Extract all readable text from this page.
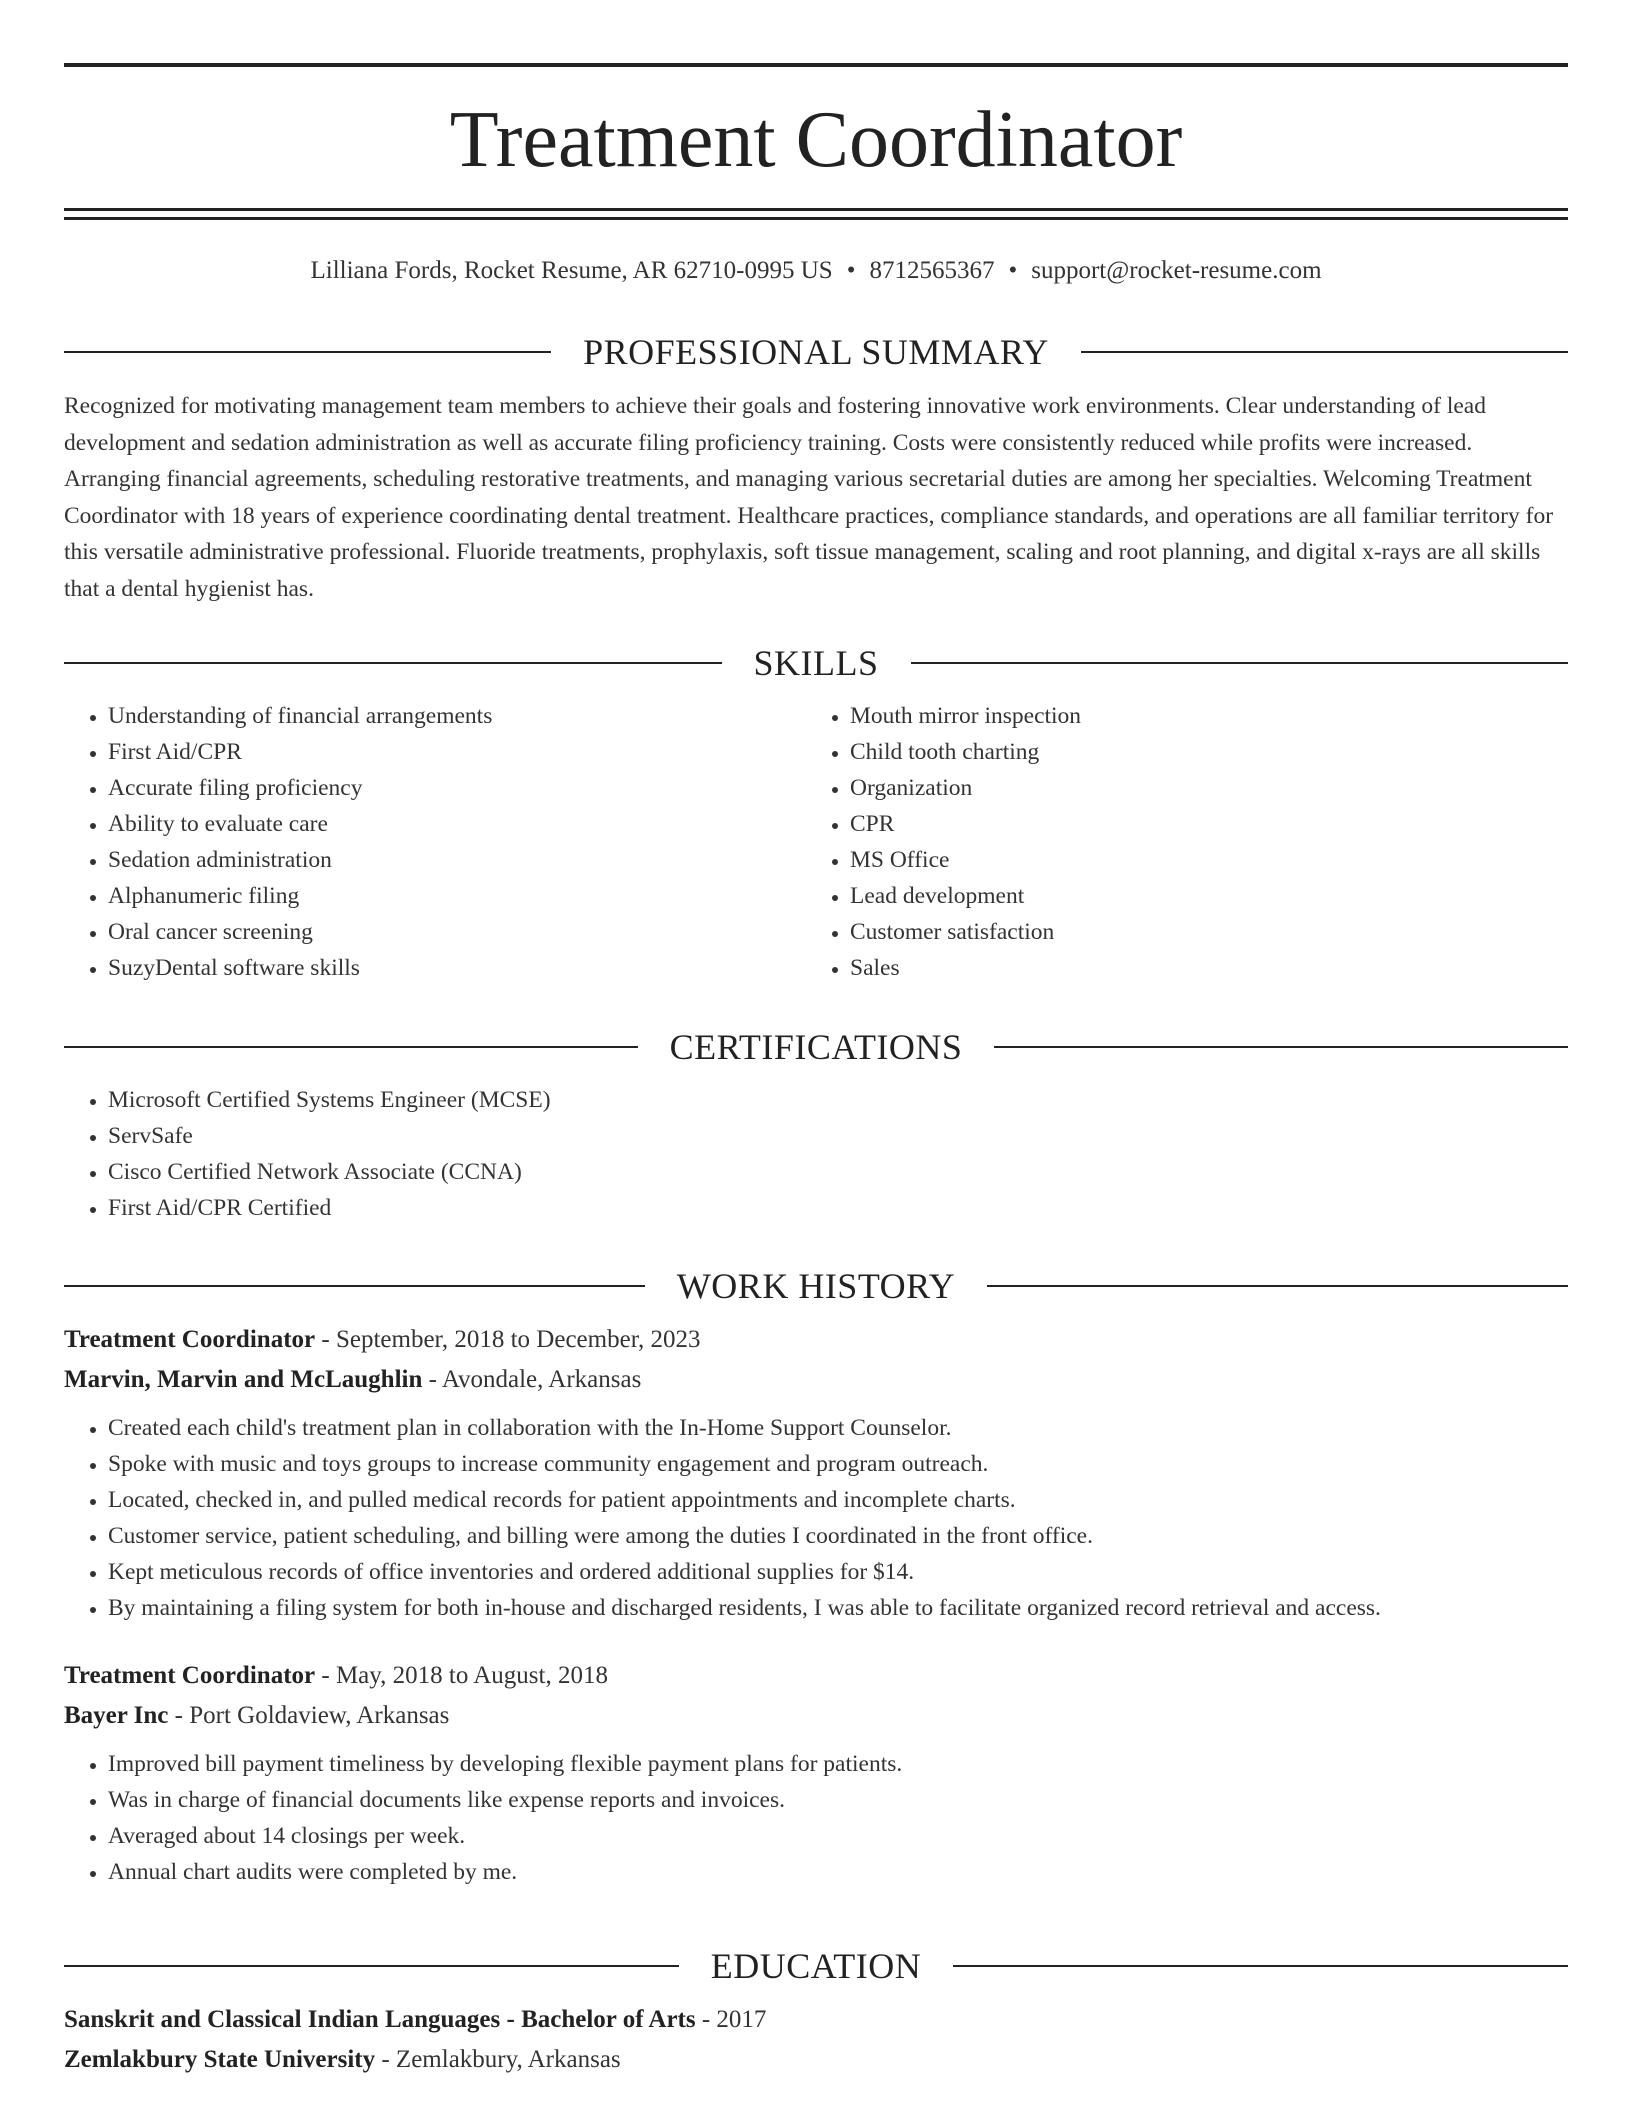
Treatment Coordinator
Lilliana Fords, Rocket Resume, AR 62710-0995 US • 8712565367 • support@rocket-resume.com
PROFESSIONAL SUMMARY

Recognized for motivating management team members to achieve their goals and fostering innovative work environments. Clear understanding of lead development and sedation administration as well as accurate filing proficiency training. Costs were consistently reduced while profits were increased. Arranging financial agreements, scheduling restorative treatments, and managing various secretarial duties are among her specialties. Welcoming Treatment Coordinator with 18 years of experience coordinating dental treatment. Healthcare practices, compliance standards, and operations are all familiar territory for this versatile administrative professional. Fluoride treatments, prophylaxis, soft tissue management, scaling and root planning, and digital x-rays are all skills that a dental hygienist has.

SKILLS
• Understanding of financial arrangements
• First Aid/CPR
• Accurate filing proficiency
• Ability to evaluate care
• Sedation administration
• Alphanumeric filing
• Oral cancer screening
• SuzyDental software skills
• Mouth mirror inspection
• Child tooth charting
• Organization
• CPR
• MS Office
• Lead development
• Customer satisfaction
• Sales
CERTIFICATIONS
• Microsoft Certified Systems Engineer (MCSE)
• ServSafe
• Cisco Certified Network Associate (CCNA)
• First Aid/CPR Certified
WORK HISTORY
Treatment Coordinator - September, 2018 to December, 2023
Marvin, Marvin and McLaughlin - Avondale, Arkansas
• Created each child's treatment plan in collaboration with the In-Home Support Counselor.
• Spoke with music and toys groups to increase community engagement and program outreach.
• Located, checked in, and pulled medical records for patient appointments and incomplete charts.
• Customer service, patient scheduling, and billing were among the duties I coordinated in the front office.
• Kept meticulous records of office inventories and ordered additional supplies for $14.
• By maintaining a filing system for both in-house and discharged residents, I was able to facilitate organized record retrieval and access.
Treatment Coordinator - May, 2018 to August, 2018
Bayer Inc - Port Goldaview, Arkansas
• Improved bill payment timeliness by developing flexible payment plans for patients.
• Was in charge of financial documents like expense reports and invoices.
• Averaged about 14 closings per week.
• Annual chart audits were completed by me.
EDUCATION
Sanskrit and Classical Indian Languages - Bachelor of Arts - 2017
Zemlakbury State University - Zemlakbury, Arkansas
